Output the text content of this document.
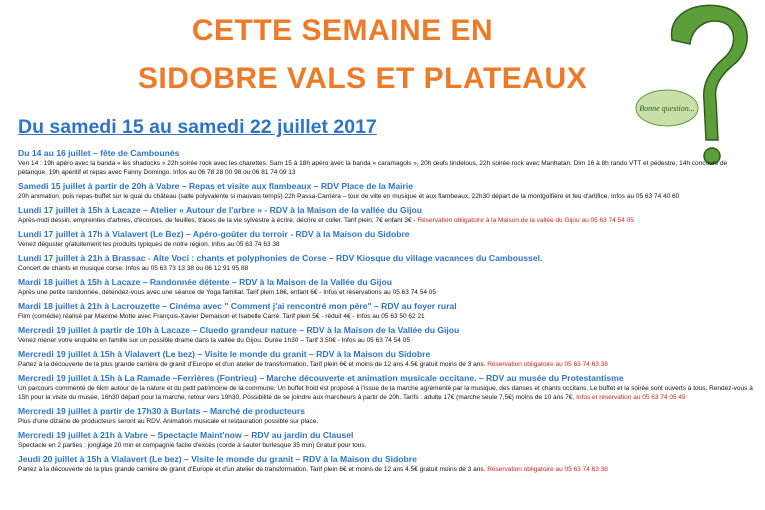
CETTE SEMAINE EN
SIDOBRE VALS ET PLATEAUX
Du samedi 15 au samedi 22 juillet 2017
Bonne question...
Du 14 au 16 juillet – fête de Cambounès
Ven 14 : 19h apéro avec la banda « les shadocks » 22h soirée rock avec les charettes. Sam 15 à 18h apéro avec la banda « caramagols », 20h œufs tindelous, 22h soirée rock avec Manhatan. Dim 16 à 8h rando VTT et pédestre, 14h concours de pétanque, 19h apéritif et repas avec Fanny Domingo. Infos au 06 78 28 00 98 ou 06 81 74 09 13
Samedi 15 juillet à partir de 20h à Vabre – Repas et visite aux flambeaux – RDV Place de la Mairie
20h animation, puis repas-buffet sur le quai du château (salle polyvalente si mauvais temps) 22h Passa-Carrièra – tour de ville en musique et aux flambeaux, 22h30 départ de la montgolfière et feu d'artifice. Infos au 05 63 74 40 60
Lundi 17 juillet à 15h à Lacaze – Atelier « Autour de l'arbre » - RDV à la Maison de la vallée du Gijou
Après-midi dessin, empreintes d'arbres, d'écorces, de feuilles, traces de la vie sylvestre à écrire, décrire et coller. Tarif plein: 7€ enfant 3€ - Réservation obligatoire à la Maison de la vallée du Gijou au 05 63 74 54 05
Lundi 17 juillet à 17h à Vialavert (Le Bez) – Apéro-goûter du terroir - RDV à la Maison du Sidobre
Venez déguster gratuitement les produits typiques de notre région. Infos au 05 63 74 63 38
Lundi 17 juillet à 21h à Brassac - Alte Voci : chants et polyphonies de Corse – RDV Kiosque du village vacances du Camboussel.
Concert de chants et musique corse. Infos au 05 63 73 13 38 ou 06 12 91 95 88
Mardi 18 juillet à 15h à Lacaze – Randonnée détente – RDV à la Maison de la Vallée du Gijou
Après une petite randonnée, détendez-vous avec une séance de Yoga familial. Tarif plein 18€, enfant 6€ - Infos et réservations au 05 63 74 54 05
Mardi 18 juillet à 21h à Lacrouzette – Cinéma avec " Comment j'ai rencontré mon père" – RDV au foyer rural
Film (comédie) réalisé par Maxime Motte avec François-Xavier Demaison et Isabelle Carré. Tarif plein 5€ - réduit 4€ - Infos au 05 63 50 62 21
Mercredi 19 juillet à partir de 10h à Lacaze – Cluedo grandeur nature – RDV à la Maison de la Vallée du Gijou
Venez mener votre enquête en famille sur un possible drame dans la vallée du Gijou. Durée 1h30 – Tarif 3.50€ - Infos au 05 63 74 54 05
Mercredi 19 juillet à 15h à Vialavert (Le bez) – Visite le monde du granit – RDV à la Maison du Sidobre
Partez à la découverte de la plus grande carrière de granit d'Europe et d'un atelier de transformation. Tarif plein 6€ et moins de 12 ans 4.5€ gratuit moins de 3 ans. Réservation obligatoire au 05 63 74 63 38
Mercredi 19 juillet à 15h à La Ramade –Ferrières (Fontrieu) – Marche découverte et animation musicale occitane. – RDV au musée du Protestantisme
Un parcours commenté de 6km autour de la nature et du petit patrimoine de la commune. Un buffet froid est proposé à l'issue de la marche agrémenté par la musique, des danses et chants occitans. Le buffet et la soirée sont ouverts à tous. Rendez-vous à 15h pour la visite du musée, 16h30 départ pour la marche, retour vers 19h30. Possibilité de se joindre aux marcheurs à partir de 20h. Tarifs : adulte 17€ (marche seule 7,5€) moins de 10 ans 7€. Infos et réservation au 05 63 74 05 49
Mercredi 19 juillet à partir de 17h30 à Burlats – Marché de producteurs
Plus d'une dizaine de producteurs seront au RDV. Animation musicale et restauration possible sur place.
Mercredi 19 juillet à 21h à Vabre – Spectacle Maint'now – RDV au jardin du Clausel
Spectacle en 2 parties : jonglage 20 min et compagnie facile d'excès (corde à sauter burlesque 35 min) Gratuit pour tous.
Jeudi 20 juillet à 15h à Vialavert (Le bez) – Visite le monde du granit – RDV à la Maison du Sidobre
Partez à la découverte de la plus grande carrière de granit d'Europe et d'un atelier de transformation. Tarif plein 6€ et moins de 12 ans 4.5€ gratuit moins de 3 ans. Réservation obligatoire au 05 63 74 63 38
